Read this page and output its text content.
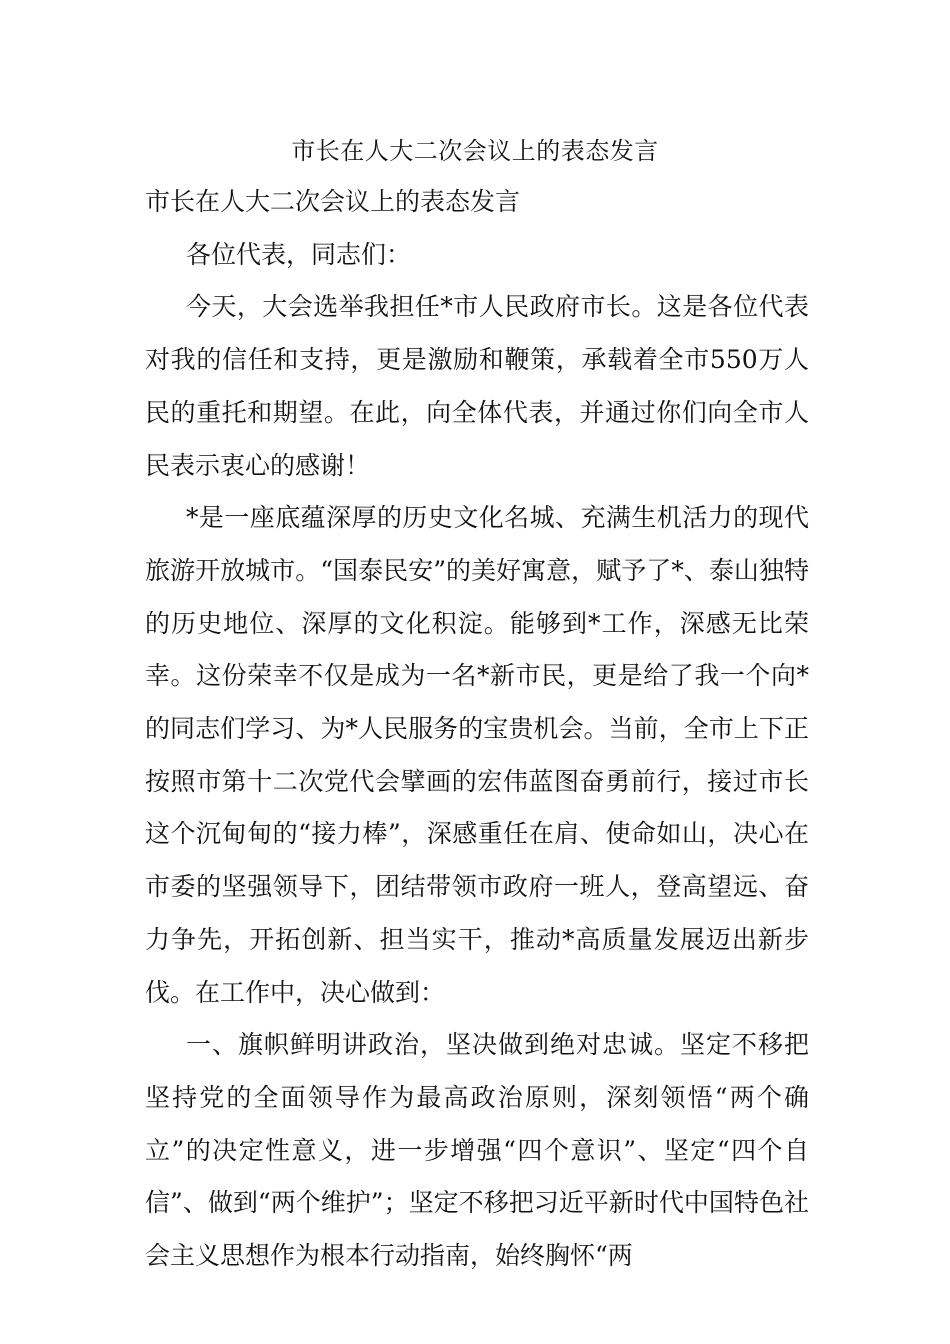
市长在人大二次会议上的表态发言

市长在人大二次会议上的表态发言

各位代表，同志们：

今天，大会选举我担任*市人民政府市长。这是各位代表对我的信任和支持，更是激励和鞭策，承载着全市550万人民的重托和期望。在此，向全体代表，并通过你们向全市人民表示衷心的感谢！

*是一座底蕴深厚的历史文化名城、充满生机活力的现代旅游开放城市。“国泰民安”的美好寓意，赋予了*、泰山独特的历史地位、深厚的文化积淀。能够到*工作，深感无比荣幸。这份荣幸不仅是成为一名*新市民，更是给了我一个向*的同志们学习、为*人民服务的宝贵机会。当前，全市上下正按照市第十二次党代会擘画的宏伟蓝图奋勇前行，接过市长这个沉甸甸的“接力棒”，深感重任在肩、使命如山，决心在市委的坚强领导下，团结带领市政府一班人，登高望远、奋力争先，开拓创新、担当实干，推动*高质量发展迈出新步伐。在工作中，决心做到：

一、旗帜鲜明讲政治，坚决做到绝对忠诚。坚定不移把坚持党的全面领导作为最高政治原则，深刻领悟“两个确立”的决定性意义，进一步增强“四个意识”、坚定“四个自信”、做到“两个维护”；坚定不移把习近平新时代中国特色社会主义思想作为根本行动指南，始终胸怀“两
